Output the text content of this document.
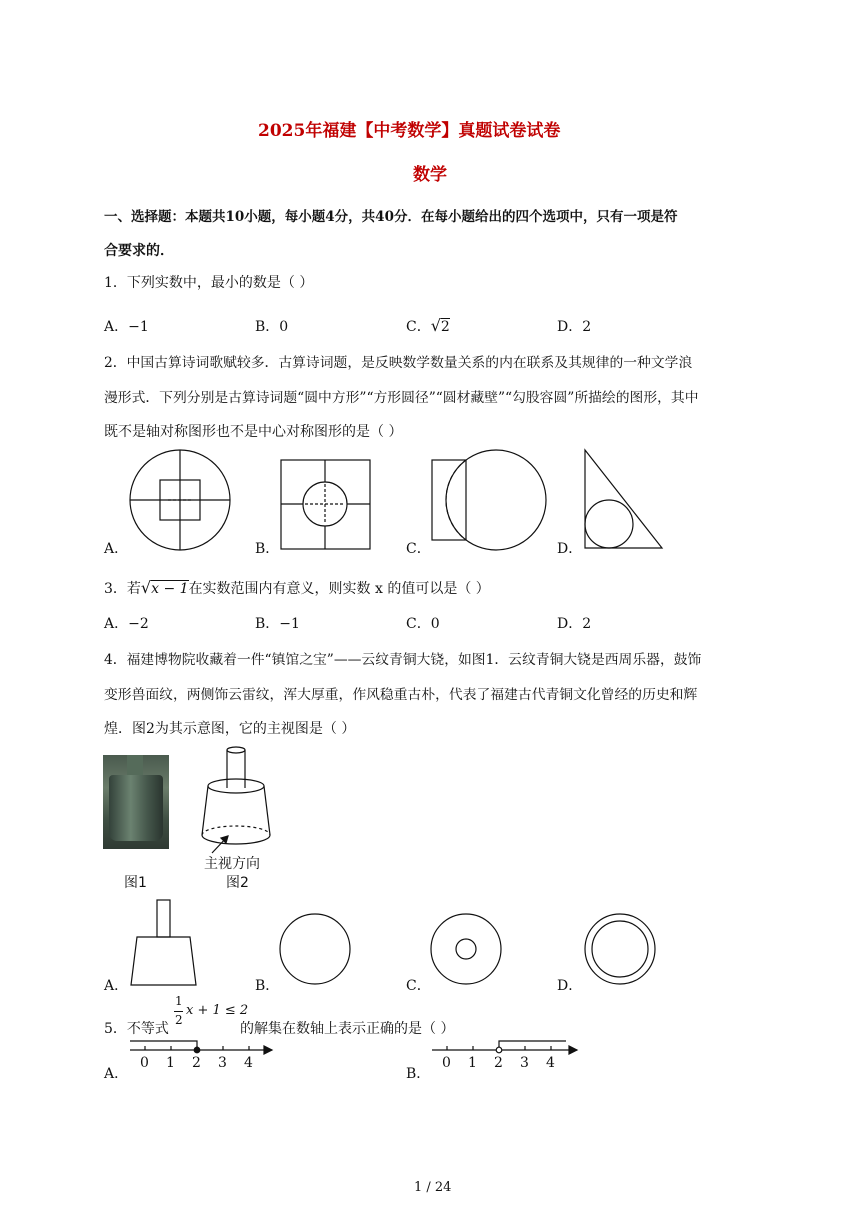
2025年福建【中考数学】真题试卷试卷
数学
一、选择题：本题共10小题，每小题4分，共40分．在每小题给出的四个选项中，只有一项是符
合要求的．
1．下列实数中，最小的数是（ ）
A．−1	B．0	C．√2	D．2
2．中国古算诗词歌赋较多．古算诗词题，是反映数学数量关系的内在联系及其规律的一种文学浪
漫形式．下列分别是古算诗词题“圆中方形”“方形圆径”“圆材藏壁”“勾股容圆”所描绘的图形，其中
既不是轴对称图形也不是中心对称图形的是（ ）
A．	B．	C．	D．
3．若√x − 1在实数范围内有意义，则实数 x 的值可以是（ ）
A．−2	B．−1	C．0	D．2
4．福建博物院收藏着一件“镇馆之宝”——云纹青铜大铙，如图1．云纹青铜大铙是西周乐器，鼓饰
变形兽面纹，两侧饰云雷纹，浑大厚重，作风稳重古朴，代表了福建古代青铜文化曾经的历史和辉
煌．图2为其示意图，它的主视图是（ ）
主视方向
图1	图2
A．	B．	C．	D．
5．不等式
1
2
x + 1 ≤ 2
的解集在数轴上表示正确的是（ ）
0 1 2 3 4	0 1 2 3 4
A．	B．
1 / 24
